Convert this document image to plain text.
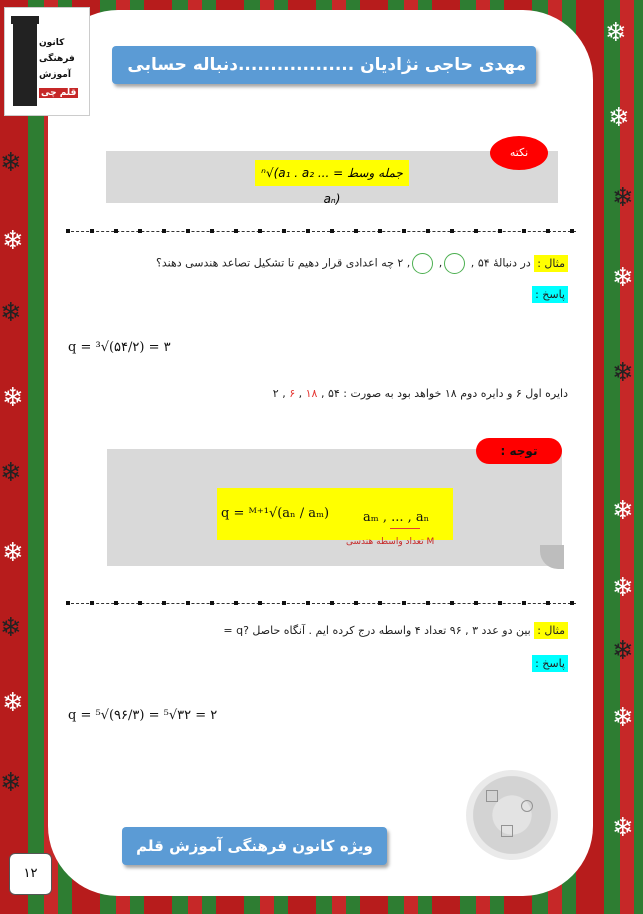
❄
❄
❄
❄
❄
❄
❄
❄
❄
❄
❄
❄
❄
❄
❄
❄
❄
❄
❄
کانون
فرهنگی
آموزش
قلم چی
مهدی حاجی نژادیان ..................دنباله حسابی و هندسی
نکته
جمله وسط = ⁿ√(a₁ . a₂ ... aₙ)
مثال : در دنبالهٔ ۵۴ , , , ۲ چه اعدادی قرار دهیم تا تشکیل تصاعد هندسی دهند؟
پاسخ :
q = ³√(۵۴/۲) = ۳
دایره اول ۶ و دایره دوم ۱۸ خواهد بود به صورت : ۵۴ , ۱۸ , ۶ , ۲
توجه :
q = ᴹ⁺¹√(aₙ / aₘ)	aₘ , ... , aₙ
M تعداد واسطه هندسی
مثال : بین دو عدد ۳ , ۹۶ تعداد ۴ واسطه درج کرده ایم . آنگاه حاصل ?q =
پاسخ :
q = ⁵√(۹۶/۳) = ⁵√۳۲ = ۲
ویژه کانون فرهنگی آموزش قلم چی
۱۲
